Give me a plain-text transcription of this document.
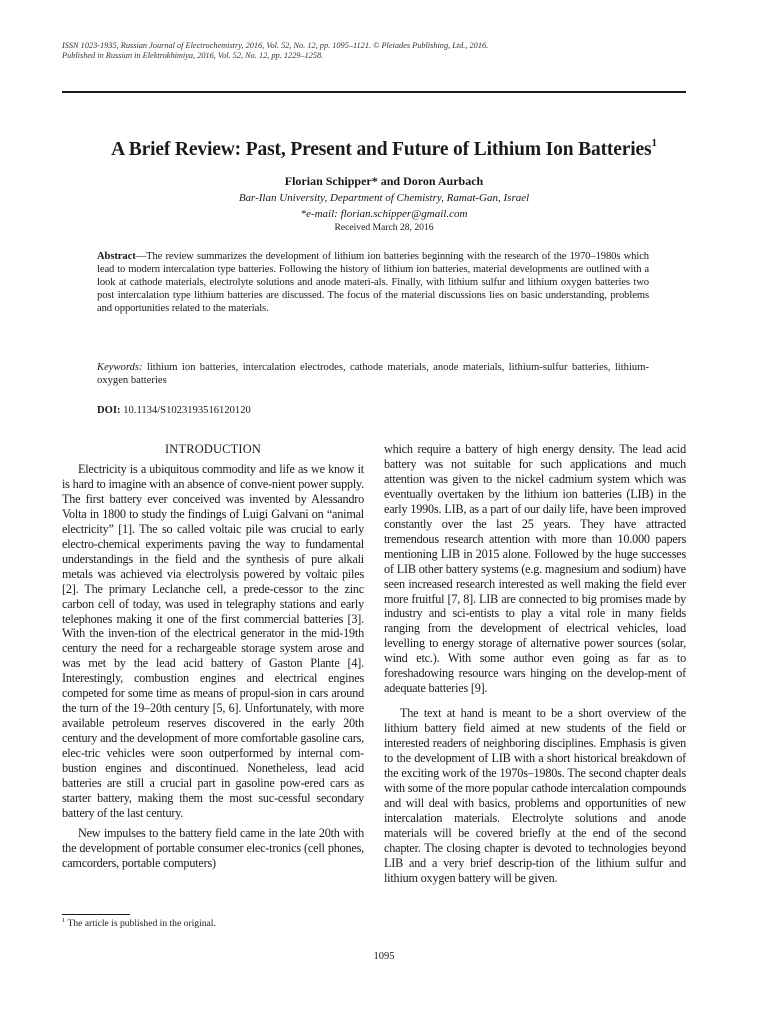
ISSN 1023-1935, Russian Journal of Electrochemistry, 2016, Vol. 52, No. 12, pp. 1095–1121. © Pleiades Publishing, Ltd., 2016.
Published in Russian in Elektrokhimiya, 2016, Vol. 52, No. 12, pp. 1229–1258.
A Brief Review: Past, Present and Future of Lithium Ion Batteries$^1$
Florian Schipper* and Doron Aurbach
Bar-Ilan University, Department of Chemistry, Ramat-Gan, Israel
*e-mail: florian.schipper@gmail.com
Received March 28, 2016
Abstract—The review summarizes the development of lithium ion batteries beginning with the research of the 1970–1980s which lead to modern intercalation type batteries. Following the history of lithium ion batteries, material developments are outlined with a look at cathode materials, electrolyte solutions and anode materi-als. Finally, with lithium sulfur and lithium oxygen batteries two post intercalation type lithium batteries are discussed. The focus of the material discussions lies on basic understanding, problems and opportunities related to the materials.
Keywords: lithium ion batteries, intercalation electrodes, cathode materials, anode materials, lithium-sulfur batteries, lithium-oxygen batteries
DOI: 10.1134/S1023193516120120
INTRODUCTION

Electricity is a ubiquitous commodity and life as we know it is hard to imagine with an absence of conve-nient power supply. The first battery ever conceived was invented by Alessandro Volta in 1800 to study the findings of Luigi Galvani on “animal electricity” [1]. The so called voltaic pile was crucial to early electro-chemical experiments paving the way to fundamental understandings in the field and the synthesis of pure alkali metals was achieved via electrolysis powered by voltaic piles [2]. The primary Leclanche cell, a prede-cessor to the zinc carbon cell of today, was used in telegraphy stations and early telephones making it one of the first commercial batteries [3]. With the inven-tion of the electrical generator in the mid-19th century the need for a rechargeable storage system arose and was met by the lead acid battery of Gaston Plante [4]. Interestingly, combustion engines and electrical engines competed for some time as means of propul-sion in cars around the turn of the 19–20th century [5, 6]. Unfortunately, with more available petroleum reserves discovered in the early 20th century and the development of more comfortable gasoline cars, elec-tric vehicles were soon outperformed by internal com-bustion engines and discontinued. Nonetheless, lead acid batteries are still a crucial part in gasoline pow-ered cars as starter battery, making them the most suc-cessful secondary battery of the last century.

New impulses to the battery field came in the late 20th with the development of portable consumer elec-tronics (cell phones, camcorders, portable computers)

which require a battery of high energy density. The lead acid battery was not suitable for such applications and much attention was given to the nickel cadmium system which was eventually overtaken by the lithium ion batteries (LIB) in the early 1990s. LIB, as a part of our daily life, have been improved constantly over the last 25 years. They have attracted tremendous research attention with more than 10.000 papers mentioning LIB in 2015 alone. Followed by the huge successes of LIB other battery systems (e.g. magnesium and sodium) have seen increased research interested as well making the field ever more fruitful [7, 8]. LIB are connected to big promises made by industry and sci-entists to play a vital role in many fields ranging from the development of electrical vehicles, load levelling to energy storage of alternative power sources (solar, wind etc.). With some author even going as far as to foreshadowing resource wars hinging on the develop-ment of adequate batteries [9].

The text at hand is meant to be a short overview of the lithium battery field aimed at new students of the field or interested readers of neighboring disciplines. Emphasis is given to the development of LIB with a short historical breakdown of the exciting work of the 1970s–1980s. The second chapter deals with some of the more popular cathode intercalation compounds and will deal with basics, problems and opportunities of new intercalation materials. Electrolyte solutions and anode materials will be covered briefly at the end of the second chapter. The closing chapter is devoted to technologies beyond LIB and a very brief descrip-tion of the lithium sulfur and lithium oxygen battery will be given.

$^1$ The article is published in the original.
1095
